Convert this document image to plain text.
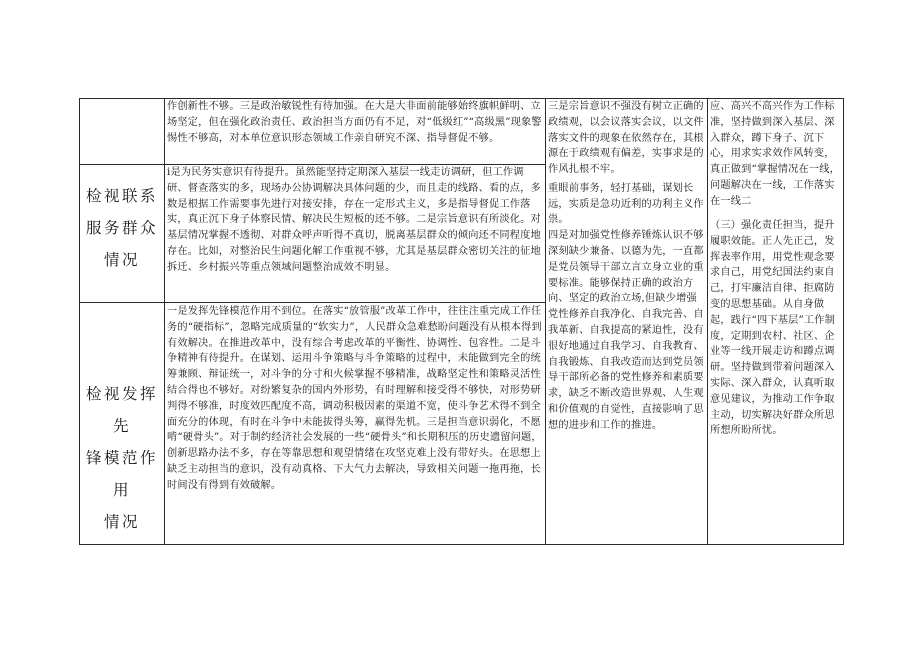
作创新性不够。三是政治敏锐性有待加强。在大是大非面前能够始终旗帜鲜明、立场坚定，但在强化政治责任、政治担当方面仍有不足，对“低级红”“高级黑”现象警惕性不够高，对本单位意识形态领域工作亲自研究不深、指导督促不够。

检视联系
服务群众
情况

i是为民务实意识有待提升。虽然能坚持定期深入基层一线走访调研，但工作调研、督查落实的多，现场办公协调解决具体问题的少，而且走的线路、看的点，多数是根据工作需要事先进行对接安排，存在一定形式主义，多是指导督促工作落实，真正沉下身子体察民情、解决民生短板的还不够。二是宗旨意识有所淡化。对基层情况掌握不透彻、对群众呼声听得不真切，脱离基层群众的倾向还不同程度地存在。比如，对整治民生问题化解工作重视不够，尤其是基层群众密切关注的征地拆迁、乡村振兴等重点领域问题整治成效不明显。

检视发挥先
锋模范作用
情况

一是发挥先锋模范作用不到位。在落实“放管服”改革工作中，往往注重完成工作任务的“硬指标”，忽略完成质量的“软实力”，人民群众急难愁盼问题没有从根本得到有效解决。在推进改革中，没有综合考虑改革的平衡性、协调性、包容性。二是斗争精神有待提升。在谋划、运用斗争策略与斗争策略的过程中，未能做到完全的统筹兼顾、辩证统一，对斗争的分寸和火候掌握不够精准，战略坚定性和策略灵活性结合得也不够好。对纷繁复杂的国内外形势，有时理解和接受得不够快，对形势研判得不够准，时度效匹配度不高，调动积极因素的渠道不宽，使斗争艺术得不到全面充分的体现，有时在斗争中未能拔得头筹，赢得先机。三是担当意识弱化，不愿啃“硬骨头”。对于制约经济社会发展的一些“硬骨头”和长期积压的历史遗留问题，创新思路办法不多，存在等靠思想和观望情绪在攻坚克难上没有带好头。在思想上缺乏主动担当的意识，没有动真格、下大气力去解决，导致相关问题一拖再拖，长时间没有得到有效破解。

三是宗旨意识不强没有树立正确的政绩观，以会议落实会议，以文件落实文件的现象在依然存在，其根源在于政绩观有偏差，实事求是的作风扎根不牢。

重眼前事务，轻打基础，谋划长远，实质是急功近利的功利主义作祟。
四是对加强党性修养锤炼认识不够深刻缺少兼备、以德为先，一直都是党员领导干部立言立身立业的重要标准。能够保持正确的政治方向、坚定的政治立场,但缺少增强党性修养自我净化、自我完善、自我革新、自我提高的紧迫性，没有很好地通过自我学习、自我教育、自我锻炼、自我改造而达到党员领导干部所必备的党性修养和素质要求，缺乏不断改造世界观、人生观和价值观的自觉性，直接影响了思想的进步和工作的推进。

应、高兴不高兴作为工作标准，坚持做到深入基层、深入群众，蹲下身子、沉下心，用求实求效作风转变，真正做到“掌握情况在一线，问题解决在一线，工作落实在一线二

（三）强化责任担当，提升履职效能。正人先正己，发挥表率作用，用党性观念要求自己，用党纪国法约束自己，打牢廉洁自律、拒腐防变的思想基础。从自身做起，践行“四下基层”工作制度，定期到农村、社区、企业等一线开展走访和蹲点调研。坚持做到带着问题深入实际、深入群众，认真听取意见建议，为推动工作争取主动，切实解决好群众所思所想所盼所忧。
